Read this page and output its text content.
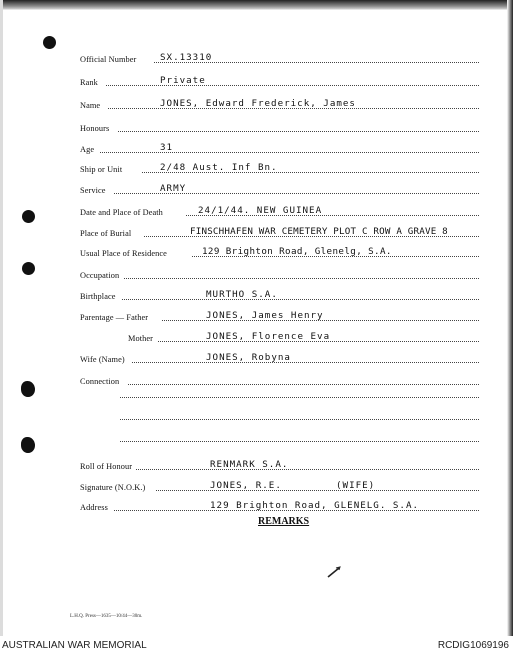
Official Number	SX.13310
Rank	Private
Name	JONES, Edward Frederick, James
Honours
Age	31
Ship or Unit	2/48 Aust. Inf Bn.
Service	ARMY
Date and Place of Death	24/1/44. NEW GUINEA
Place of Burial	FINSCHHAFEN WAR CEMETERY PLOT C ROW A GRAVE 8
Usual Place of Residence	129 Brighton Road, Glenelg, S.A.
Occupation
Birthplace	MURTHO S.A.
Parentage — Father	JONES, James Henry
Mother	JONES, Florence Eva
Wife (Name)	JONES, Robyna
Connection
Roll of Honour	RENMARK S.A.
Signature (N.O.K.)	JONES, R.E.	(WIFE)
Address	129 Brighton Road, GLENELG. S.A.
REMARKS
L.H.Q. Press—1635—10/44—30m.
AUSTRALIAN WAR MEMORIAL	RCDIG1069196
